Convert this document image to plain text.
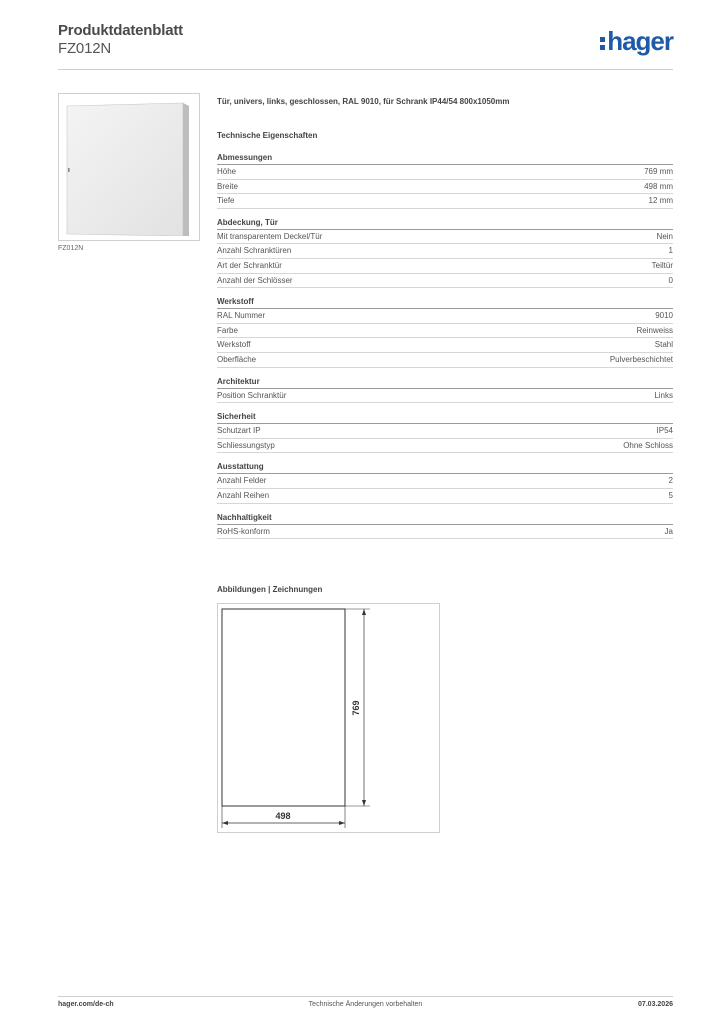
Produktdatenblatt
FZ012N	hager
FZ012N
Tür, univers, links, geschlossen, RAL 9010, für Schrank IP44/54 800x1050mm
Technische Eigenschaften
Abmessungen
Höhe	769 mm
Breite	498 mm
Tiefe	12 mm
Abdeckung, Tür
Mit transparentem Deckel/Tür	Nein
Anzahl Schranktüren	1
Art der Schranktür	Teiltür
Anzahl der Schlösser	0
Werkstoff
RAL Nummer	9010
Farbe	Reinweiss
Werkstoff	Stahl
Oberfläche	Pulverbeschichtet
Architektur
Position Schranktür	Links
Sicherheit
Schutzart IP	IP54
Schliessungstyp	Ohne Schloss
Ausstattung
Anzahl Felder	2
Anzahl Reihen	5
Nachhaltigkeit
RoHS-konform	Ja
Abbildungen | Zeichnungen
769
498
hager.com/de-ch	Technische Änderungen vorbehalten	07.03.2026
